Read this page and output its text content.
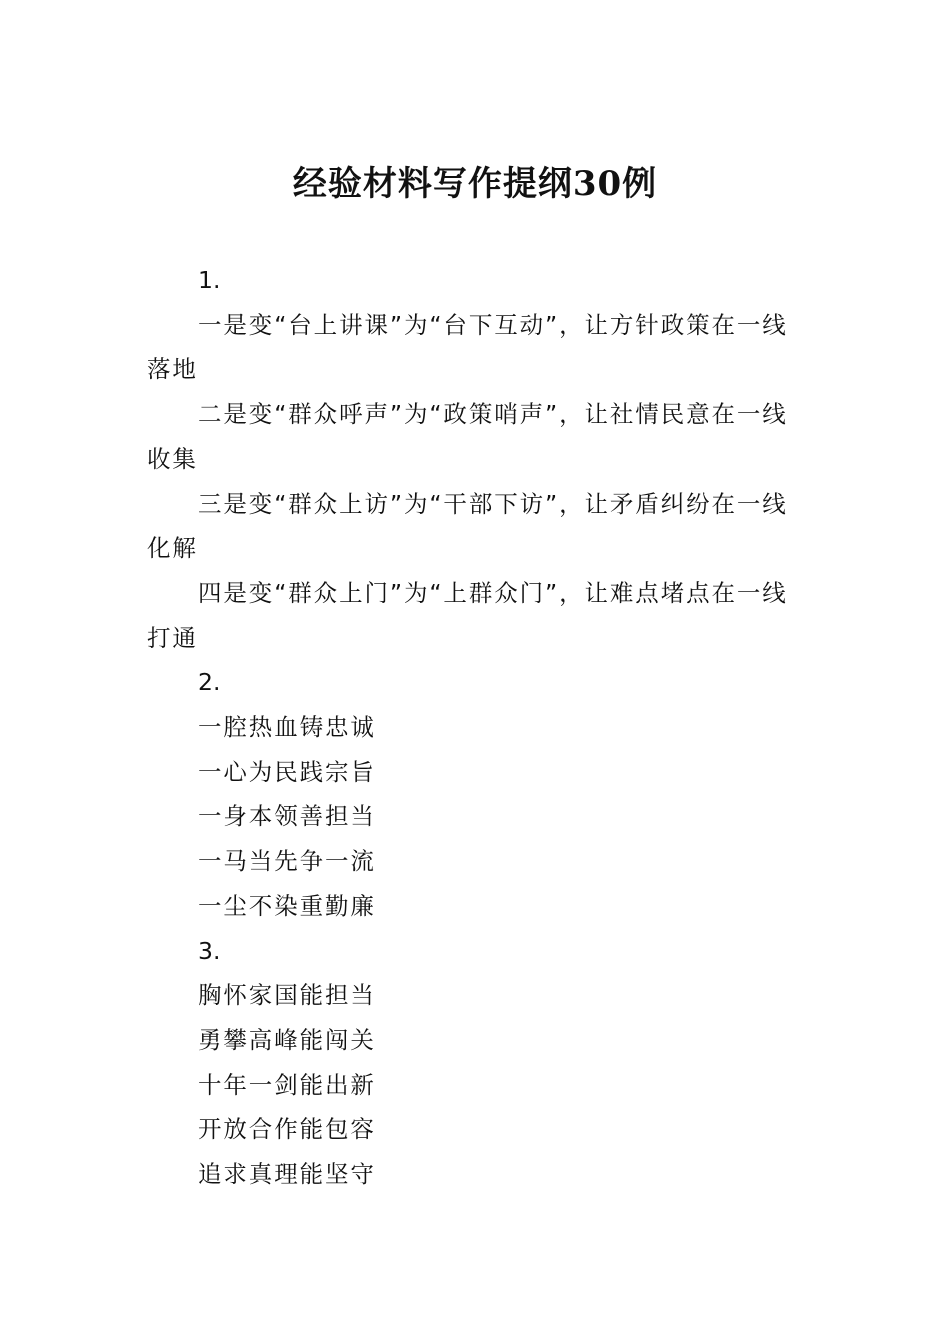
经验材料写作提纲30例

1.

一是变“台上讲课”为“台下互动”，让方针政策在一线落地

二是变“群众呼声”为“政策哨声”，让社情民意在一线收集

三是变“群众上访”为“干部下访”，让矛盾纠纷在一线化解

四是变“群众上门”为“上群众门”，让难点堵点在一线打通

2.

一腔热血铸忠诚

一心为民践宗旨

一身本领善担当

一马当先争一流

一尘不染重勤廉

3.

胸怀家国能担当

勇攀高峰能闯关

十年一剑能出新

开放合作能包容

追求真理能坚守
